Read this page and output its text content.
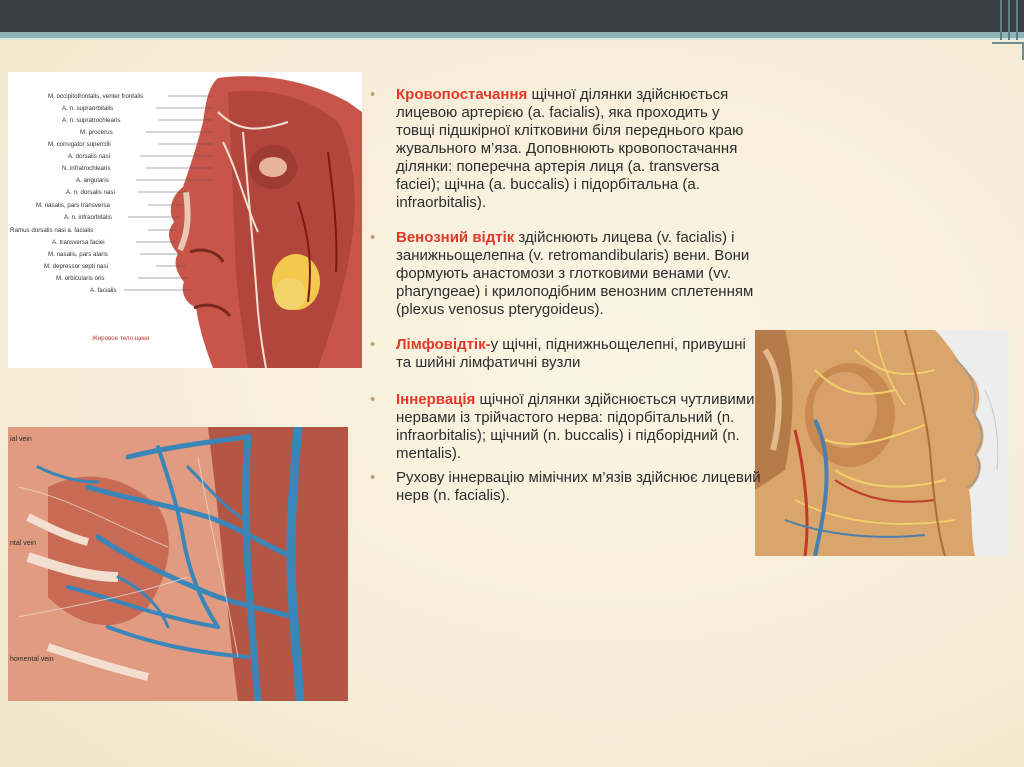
M. occipitofrontalis, venter frontalis
A. n. supraorbitalis
A. n. supratrochlearis
M. procerus
M. corrugator supercilii
A. dorsalis nasi
N. infratrochlearis
A. angularis
A. n. dorsalis nasi
M. nasalis, pars transversa
A. n. infraorbitalis
Ramus dorsalis nasi a. facialis
A. transversa faciei
M. nasalis, pars alaris
M. depressor septi nasi
M. orbicularis oris
A. facialis
Жировое тело щеки
ial vein
ntal vein
homental vein

• Кровопостачання щічної ділянки здійснюється лицевою артерією (a. facialis), яка проходить у товщі підшкірної клітковини біля переднього краю жувального м’яза. Доповнюють кровопостачання ділянки: поперечна артерія лиця (a. transversa faciei); щічна (a. buccalis) і підорбітальна (a. infraorbitalis).

• Венозний відтік здійснюють лицева (v. facialis) і занижньощелепна (v. retromandibularis) вени. Вони формують анастомози з глотковими венами (vv. pharyngeae) і крилоподібним венозним сплетенням (plexus venosus pterygoideus).

• Лімфовідтік-у щічні, піднижньощелепні, привушні та шийні лімфатичні вузли

• Іннервація щічної ділянки здійснюється чутливими нервами із трійчастого нерва: підорбітальний (n. infraorbitalis); щічний (n. buccalis) і підборідний (n. mentalis).

• Рухову іннервацію мімічних м’язів здійснює лицевий нерв (n. facialis).
